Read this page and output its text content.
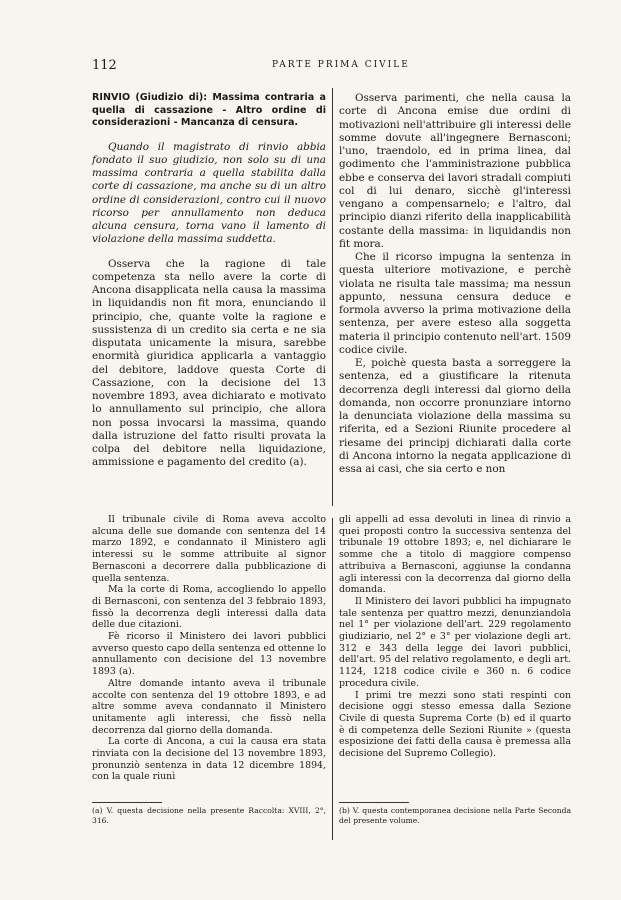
112	PARTE PRIMA CIVILE

RINVIO (Giudizio di): Massima contraria a quella di cassazione - Altro ordine di considerazioni - Mancanza di censura.

Quando il magistrato di rinvio abbia fondato il suo giudizio, non solo su di una massima contraria a quella stabilita dalla corte di cassazione, ma anche su di un altro ordine di considerazioni, contro cui il nuovo ricorso per annullamento non deduca alcuna censura, torna vano il lamento di violazione della massima suddetta.

Osserva che la ragione di tale competenza sta nello avere la corte di Ancona disapplicata nella causa la massima in liquidandis non fit mora, enunciando il principio, che, quante volte la ragione e sussistenza di un credito sia certa e ne sia disputata unicamente la misura, sarebbe enormità giuridica applicarla a vantaggio del debitore, laddove questa Corte di Cassazione, con la decisione del 13 novembre 1893, avea dichiarato e motivato lo annullamento sul principio, che allora non possa invocarsi la massima, quando dalla istruzione del fatto risulti provata la colpa del debitore nella liquidazione, ammissione e pagamento del credito (a).

Osserva parimenti, che nella causa la corte di Ancona emise due ordini di motivazioni nell'attribuire gli interessi delle somme dovute all'ingegnere Bernasconi; l'uno, traendolo, ed in prima linea, dal godimento che l'amministrazione pubblica ebbe e conserva dei lavori stradali compiuti col di lui denaro, sicchè gl'interessi vengano a compensarnelo; e l'altro, dal principio dianzi riferito della inapplicabilità costante della massima: in liquidandis non fit mora.

Che il ricorso impugna la sentenza in questa ulteriore motivazione, e perchè violata ne risulta tale massima; ma nessun appunto, nessuna censura deduce e formola avverso la prima motivazione della sentenza, per avere esteso alla soggetta materia il principio contenuto nell'art. 1509 codice civile.

E, poichè questa basta a sorreggere la sentenza, ed a giustificare la ritenuta decorrenza degli interessi dal giorno della domanda, non occorre pronunziare intorno la denunciata violazione della massima su riferita, ed a Sezioni Riunite procedere al riesame dei principj dichiarati dalla corte di Ancona intorno la negata applicazione di essa ai casi, che sia certo e non

Il tribunale civile di Roma aveva accolto alcuna delle sue domande con sentenza del 14 marzo 1892, e condannato il Ministero agli interessi su le somme attribuite al signor Bernasconi a decorrere dalla pubblicazione di quella sentenza.

Ma la corte di Roma, accogliendo lo appello di Bernasconi, con sentenza del 3 febbraio 1893, fissò la decorrenza degli interessi dalla data delle due citazioni.

Fè ricorso il Ministero dei lavori pubblici avverso questo capo della sentenza ed ottenne lo annullamento con decisione del 13 novembre 1893 (a).

Altre domande intanto aveva il tribunale accolte con sentenza del 19 ottobre 1893, e ad altre somme aveva condannato il Ministero unitamente agli interessi, che fissò nella decorrenza dal giorno della domanda.

La corte di Ancona, a cui la causa era stata rinviata con la decisione del 13 novembre 1893, pronunziò sentenza in data 12 dicembre 1894, con la quale riunì

gli appelli ad essa devoluti in linea di rinvio a quei proposti contro la successiva sentenza del tribunale 19 ottobre 1893; e, nel dichiarare le somme che a titolo di maggiore compenso attribuiva a Bernasconi, aggiunse la condanna agli interessi con la decorrenza dal giorno della domanda.

Il Ministero dei lavori pubblici ha impugnato tale sentenza per quattro mezzi, denunziandola nel 1° per violazione dell'art. 229 regolamento giudiziario, nel 2° e 3° per violazione degli art. 312 e 343 della legge dei lavori pubblici, dell'art. 95 del relativo regolamento, e degli art. 1124, 1218 codice civile e 360 n. 6 codice procedura civile.

I primi tre mezzi sono stati respinti con decisione oggi stesso emessa dalla Sezione Civile di questa Suprema Corte (b) ed il quarto è di competenza delle Sezioni Riunite » (questa esposizione dei fatti della causa è premessa alla decisione del Supremo Collegio).

(a) V. questa decisione nella presente Raccolta: XVIII, 2°, 316.

(b) V. questa contemporanea decisione nella Parte Seconda del presente volume.
